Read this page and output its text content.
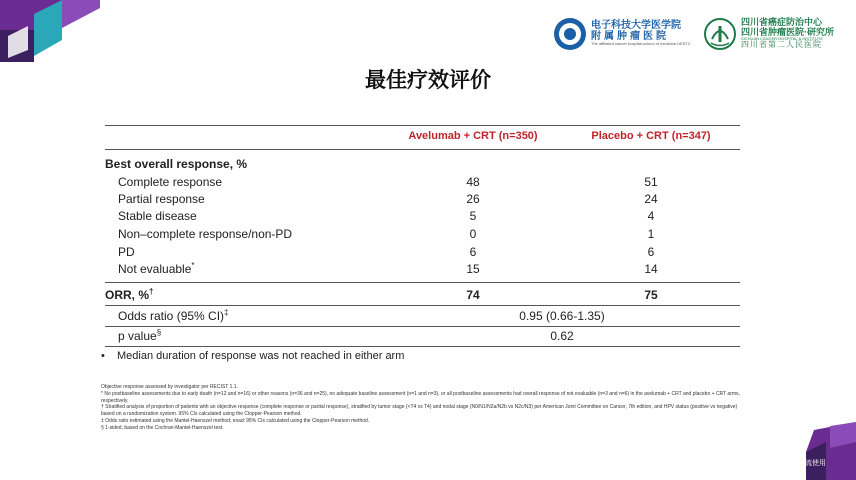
电子科技大学医学院
附属肿瘤医院
The affiliated cancer hospital,school of medicine,UESTC
四川省癌症防治中心
四川省肿瘤医院·研究所
SICHUAN CANCER HOSPITAL & INSTITUTE
四川省第二人民医院
最佳疗效评价
Avelumab + CRT (n=350)	Placebo + CRT (n=347)
Best overall response, %
Complete response	48	51
Partial response	26	24
Stable disease	5	4
Non–complete response/non-PD	0	1
PD	6	6
Not evaluable*	15	14
ORR, %†	74	75
Odds ratio (95% CI)‡	0.95 (0.66-1.35)
p value§	0.62
• Median duration of response was not reached in either arm
Objective response assessed by investigator per RECIST 1.1.
* No postbaseline assessments due to early death (n=12 and n=16) or other reasons (n=36 and n=25), no adequate baseline assessment (n=1 and n=3), or all postbaseline assessments had overall response of not evaluable (n=3 and n=6) in the avelumab + CRT and placebo + CRT arms, respectively.
† Stratified analysis of proportion of patients with an objective response (complete response or partial response), stratified by tumor stage (<T4 vs T4) and nodal stage (N0/N1/N2a/N2b vs N2c/N3) per American Joint Committee on Cancer, 7th edition, and HPV status (positive vs negative) based on a randomization system. 95% CIs calculated using the Clopper-Pearson method.
‡ Odds ratio estimated using the Mantel-Haenszel method; exact 95% CIs calculated using the Clopper-Pearson method.
§ 1-sided, based on the Cochran-Mantel-Haenszel test.
交流使用
